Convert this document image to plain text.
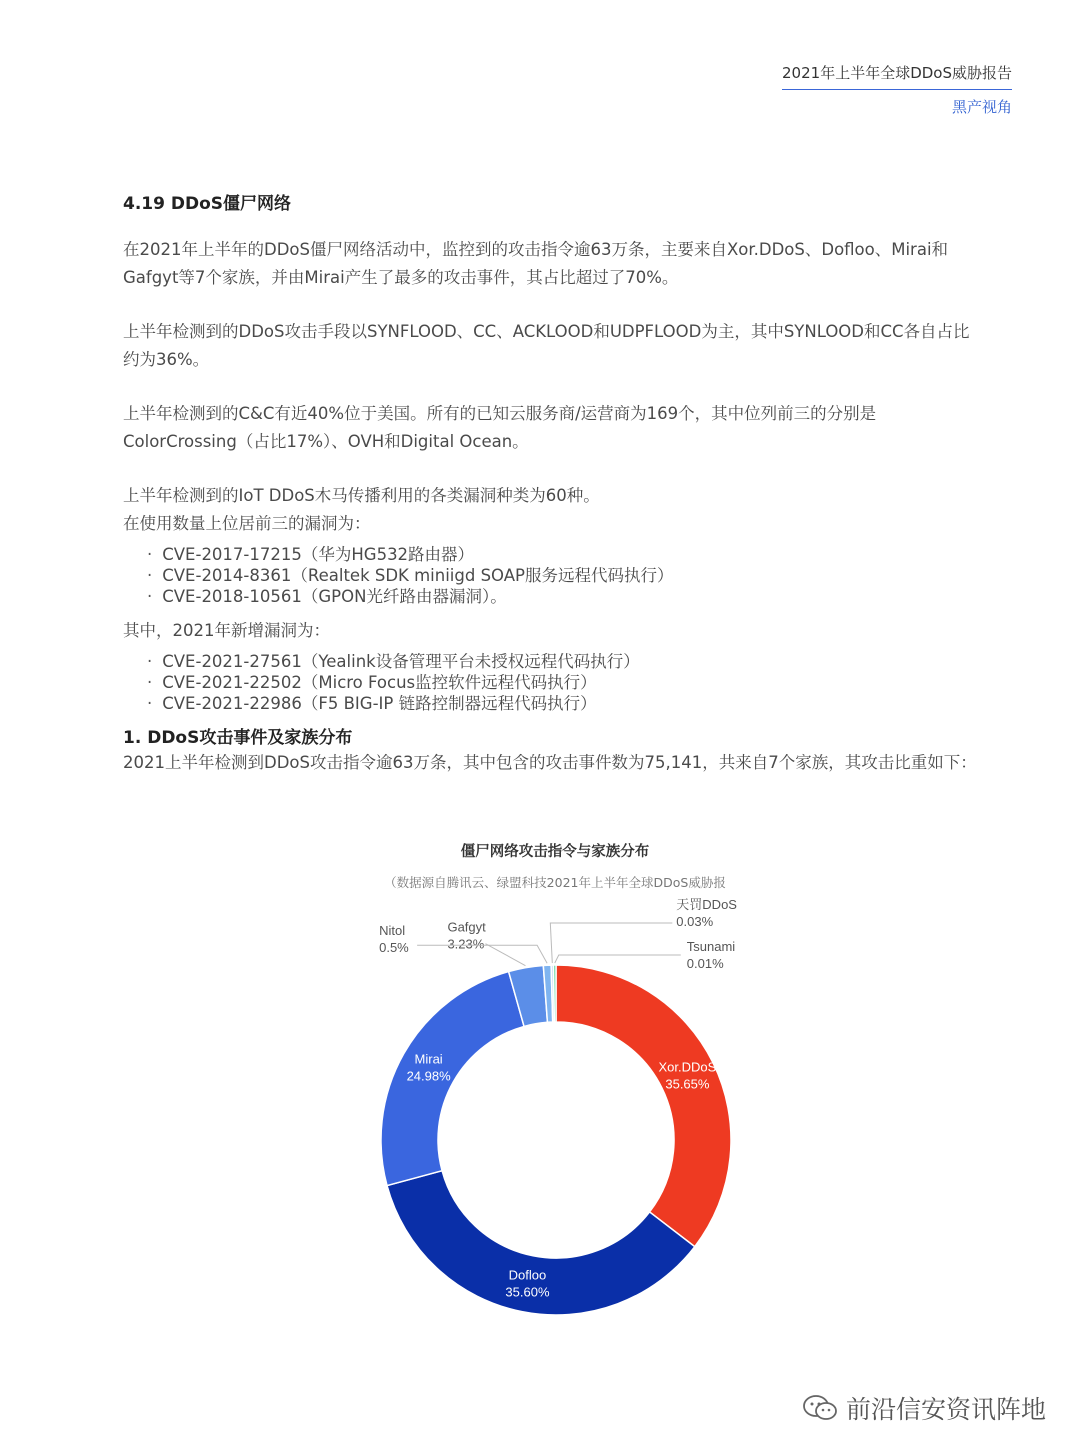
2021年上半年全球DDoS威胁报告
黑产视角

4.19 DDoS僵尸网络

在2021年上半年的DDoS僵尸网络活动中，监控到的攻击指令逾63万条，主要来自Xor.DDoS、Dofloo、Mirai和Gafgyt等7个家族，并由Mirai产生了最多的攻击事件，其占比超过了70%。

上半年检测到的DDoS攻击手段以SYNFLOOD、CC、ACKLOOD和UDPFLOOD为主，其中SYNLOOD和CC各自占比约为36%。

上半年检测到的C&C有近40%位于美国。所有的已知云服务商/运营商为169个，其中位列前三的分别是ColorCrossing（占比17%）、OVH和Digital Ocean。

上半年检测到的IoT DDoS木马传播利用的各类漏洞种类为60种。

在使用数量上位居前三的漏洞为：

· CVE-2017-17215（华为HG532路由器）
· CVE-2014-8361（Realtek SDK miniigd SOAP服务远程代码执行）
· CVE-2018-10561（GPON光纤路由器漏洞）。

其中，2021年新增漏洞为：

· CVE-2021-27561（Yealink设备管理平台未授权远程代码执行）
· CVE-2021-22502（Micro Focus监控软件远程代码执行）
· CVE-2021-22986（F5 BIG-IP 链路控制器远程代码执行）

1. DDoS攻击事件及家族分布

2021上半年检测到DDoS攻击指令逾63万条，其中包含的攻击事件数为75,141，共来自7个家族，其攻击比重如下：

僵尸网络攻击指令与家族分布
（数据源自腾讯云、绿盟科技2021年上半年全球DDoS威胁报
Xor.DDoS 35.65%
Dofloo 35.60%
Mirai 24.98%
Gafgyt 3.23%
Nitol 0.5%
天罚DDoS 0.03%
Tsunami 0.01%
前沿信安资讯阵地
